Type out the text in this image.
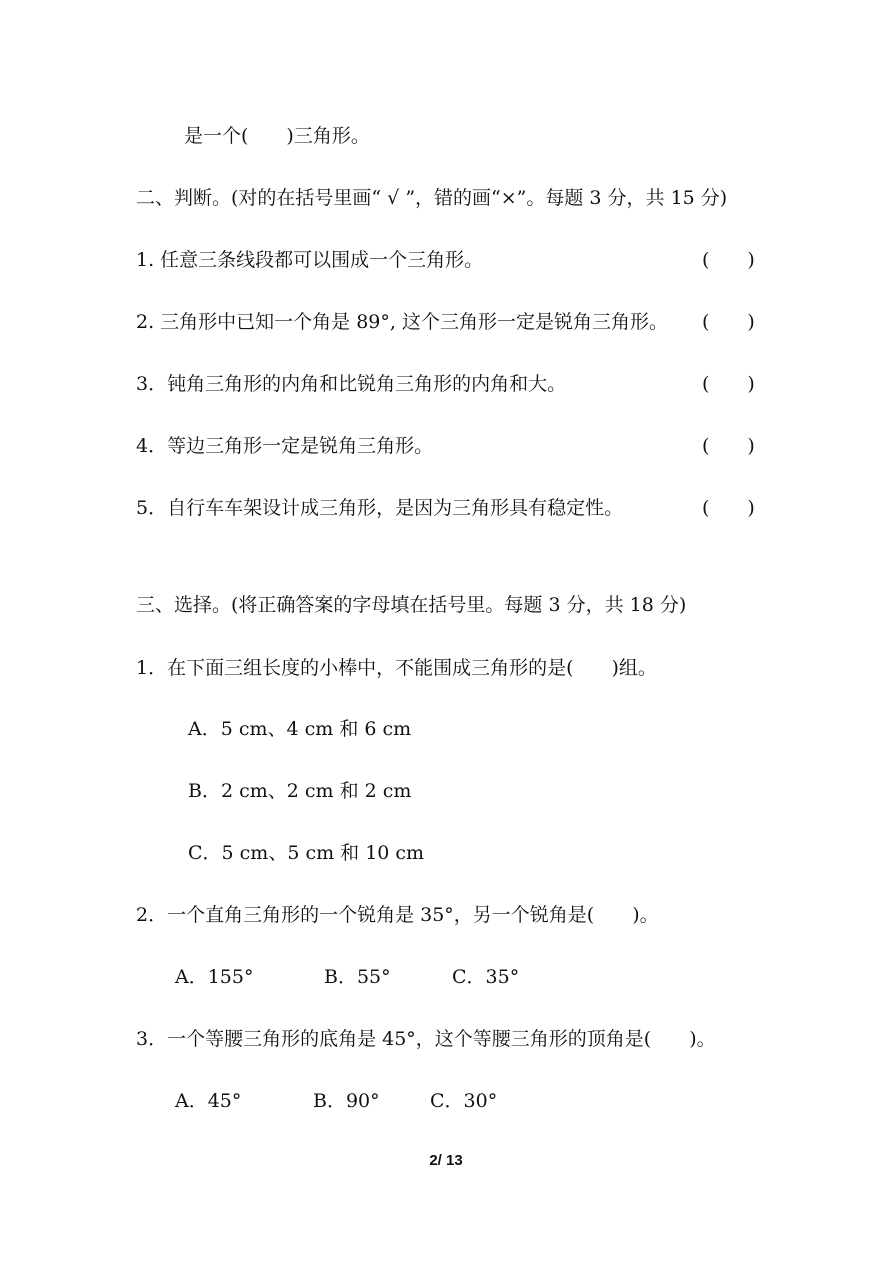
是一个(　　)三角形。
二、判断。(对的在括号里画“ √ ”，错的画“×”。每题 3 分，共 15 分)
1. 任意三条线段都可以围成一个三角形。	(　　)
2. 三角形中已知一个角是 89°, 这个三角形一定是锐角三角形。 (　　)
3．钝角三角形的内角和比锐角三角形的内角和大。	(　　)
4．等边三角形一定是锐角三角形。	(　　)
5．自行车车架设计成三角形，是因为三角形具有稳定性。	(　　)
三、选择。(将正确答案的字母填在括号里。每题 3 分，共 18 分)
1．在下面三组长度的小棒中，不能围成三角形的是(　　)组。
A．5 cm、4 cm 和 6 cm
B．2 cm、2 cm 和 2 cm
C．5 cm、5 cm 和 10 cm
2．一个直角三角形的一个锐角是 35°，另一个锐角是(　　)。
A．155°	B．55°	C．35°
3．一个等腰三角形的底角是 45°，这个等腰三角形的顶角是(　　)。
A．45°	B．90°	C．30°
2/ 13
